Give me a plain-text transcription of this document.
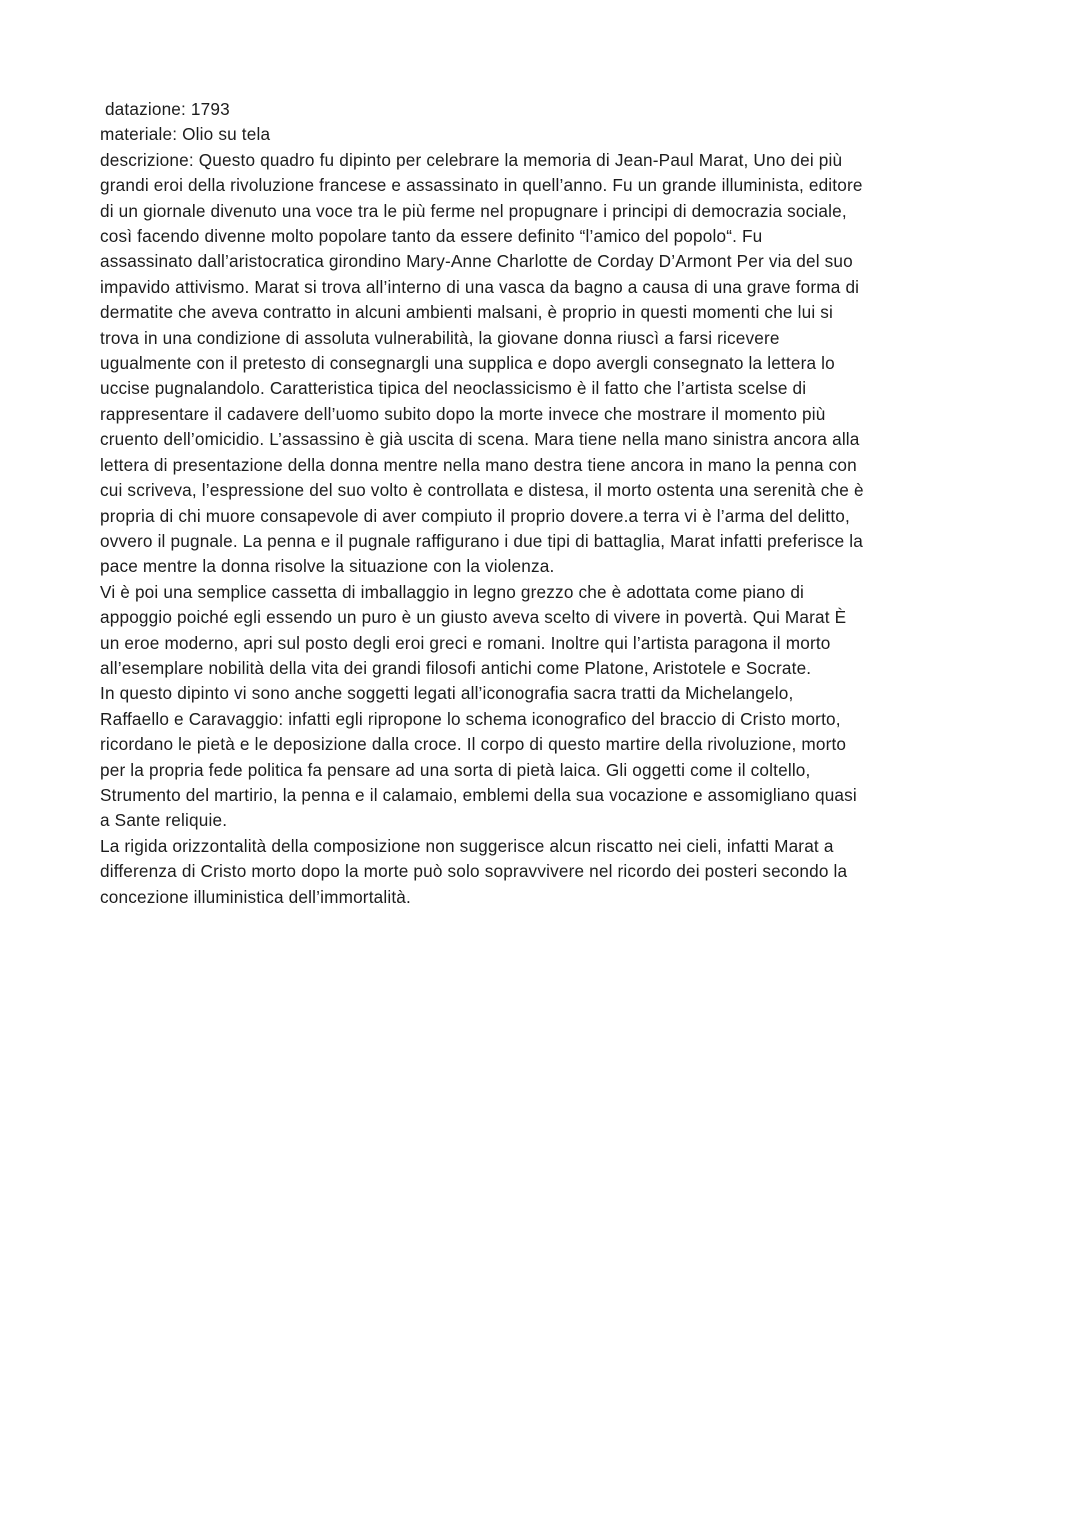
datazione: 1793
materiale: Olio su tela
descrizione: Questo quadro fu dipinto per celebrare la memoria di Jean-Paul Marat, Uno dei più
grandi eroi della rivoluzione francese e assassinato in quell’anno. Fu un grande illuminista, editore
di un giornale divenuto una voce tra le più ferme nel propugnare i principi di democrazia sociale,
così facendo divenne molto popolare tanto da essere definito “l’amico del popolo“. Fu
assassinato dall’aristocratica girondino Mary-Anne Charlotte de Corday D’Armont Per via del suo
impavido attivismo. Marat si trova all’interno di una vasca da bagno a causa di una grave forma di
dermatite che aveva contratto in alcuni ambienti malsani, è proprio in questi momenti che lui si
trova in una condizione di assoluta vulnerabilità, la giovane donna riuscì a farsi ricevere
ugualmente con il pretesto di consegnargli una supplica e dopo avergli consegnato la lettera lo
uccise pugnalandolo. Caratteristica tipica del neoclassicismo è il fatto che l’artista scelse di
rappresentare il cadavere dell’uomo subito dopo la morte invece che mostrare il momento più
cruento dell’omicidio. L’assassino è già uscita di scena. Mara tiene nella mano sinistra ancora alla
lettera di presentazione della donna mentre nella mano destra tiene ancora in mano la penna con
cui scriveva, l’espressione del suo volto è controllata e distesa, il morto ostenta una serenità che è
propria di chi muore consapevole di aver compiuto il proprio dovere.a terra vi è l’arma del delitto,
ovvero il pugnale. La penna e il pugnale raffigurano i due tipi di battaglia, Marat infatti preferisce la
pace mentre la donna risolve la situazione con la violenza.
Vi è poi una semplice cassetta di imballaggio in legno grezzo che è adottata come piano di
appoggio poiché egli essendo un puro è un giusto aveva scelto di vivere in povertà. Qui Marat È
un eroe moderno, apri sul posto degli eroi greci e romani. Inoltre qui l’artista paragona il morto
all’esemplare nobilità della vita dei grandi filosofi antichi come Platone, Aristotele e Socrate.
In questo dipinto vi sono anche soggetti legati all’iconografia sacra tratti da Michelangelo,
Raffaello e Caravaggio: infatti egli ripropone lo schema iconografico del braccio di Cristo morto,
ricordano le pietà e le deposizione dalla croce. Il corpo di questo martire della rivoluzione, morto
per la propria fede politica fa pensare ad una sorta di pietà laica. Gli oggetti come il coltello,
Strumento del martirio, la penna e il calamaio, emblemi della sua vocazione e assomigliano quasi
a Sante reliquie.
La rigida orizzontalità della composizione non suggerisce alcun riscatto nei cieli, infatti Marat a
differenza di Cristo morto dopo la morte può solo sopravvivere nel ricordo dei posteri secondo la
concezione illuministica dell’immortalità.
